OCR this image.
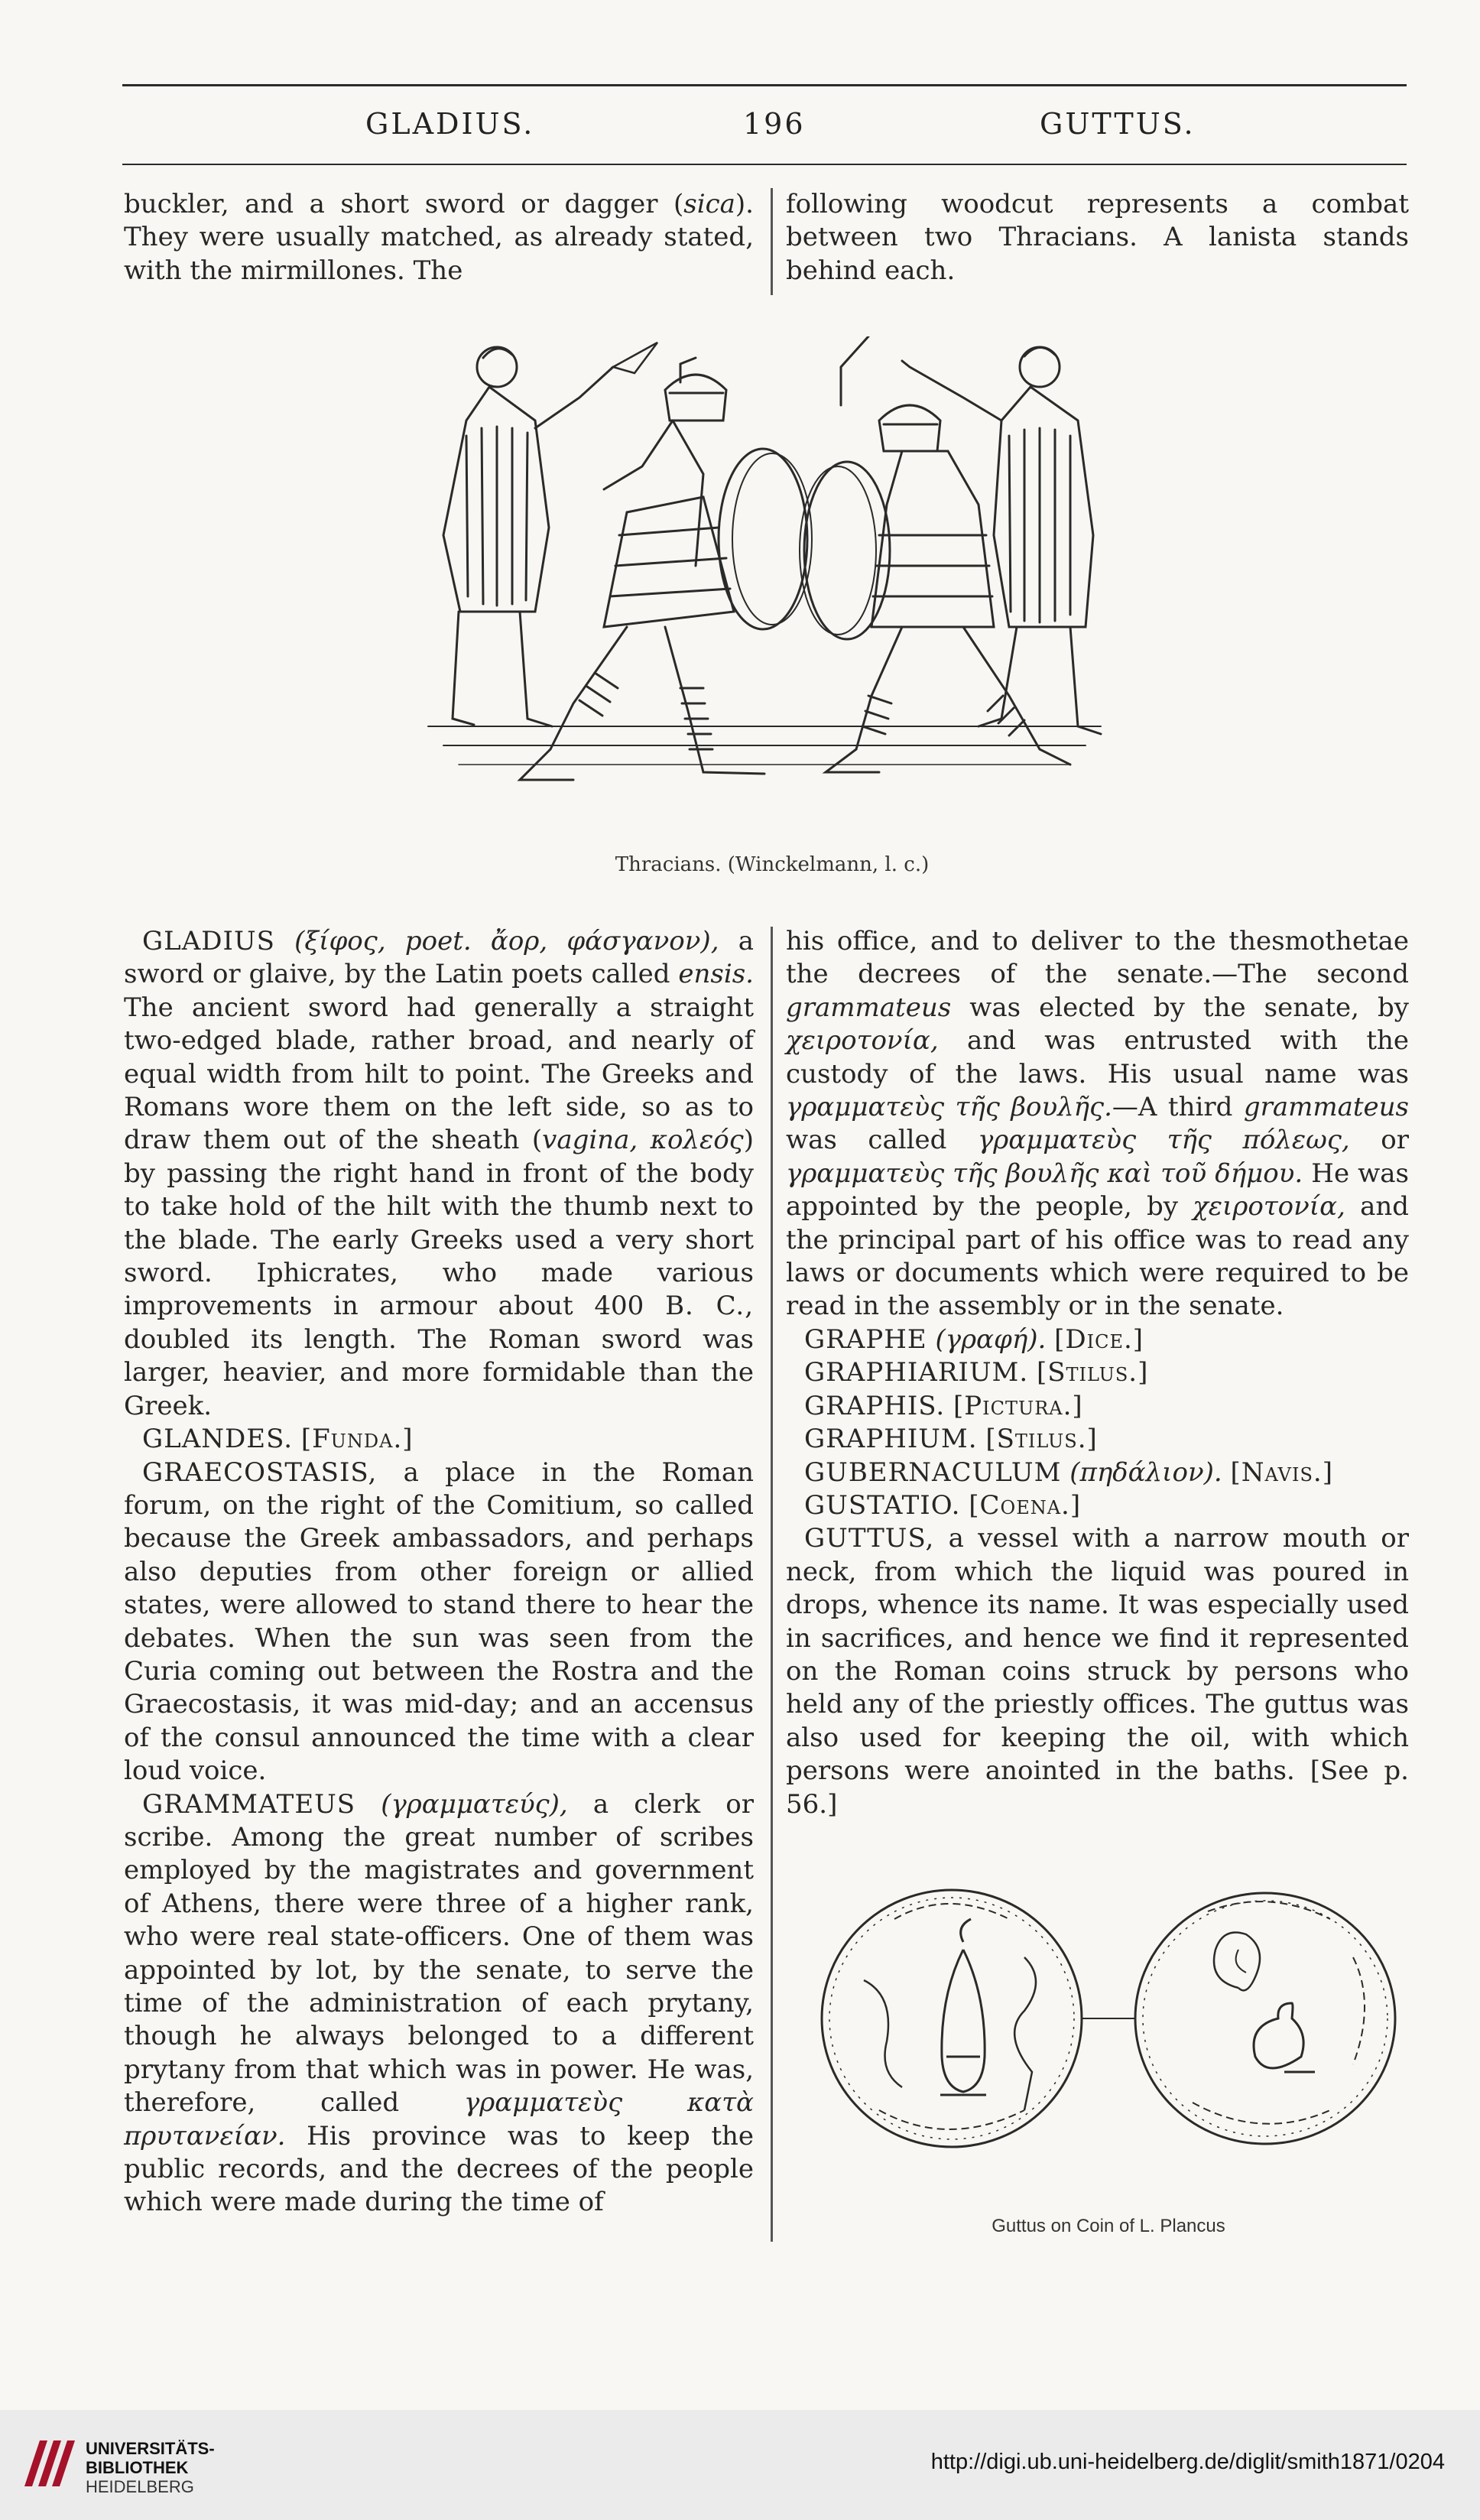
GLADIUS.	196	GUTTUS.

buckler, and a short sword or dagger (sica). They were usually matched, as already stated, with the mirmillones. The

following woodcut represents a combat between two Thracians. A lanista stands behind each.

Thracians. (Winckelmann, l. c.)

GLADIUS (ξίφος, poet. ἄορ, φάσγανον), a sword or glaive, by the Latin poets called ensis. The ancient sword had generally a straight two-edged blade, rather broad, and nearly of equal width from hilt to point. The Greeks and Romans wore them on the left side, so as to draw them out of the sheath (vagina, κολεός) by passing the right hand in front of the body to take hold of the hilt with the thumb next to the blade. The early Greeks used a very short sword. Iphicrates, who made various improvements in armour about 400 B. C., doubled its length. The Roman sword was larger, heavier, and more formidable than the Greek.

GLANDES. [Funda.]

GRAECOSTASIS, a place in the Roman forum, on the right of the Comitium, so called because the Greek ambassadors, and perhaps also deputies from other foreign or allied states, were allowed to stand there to hear the debates. When the sun was seen from the Curia coming out between the Rostra and the Graecostasis, it was mid-day; and an accensus of the consul announced the time with a clear loud voice.

GRAMMATEUS (γραμματεύς), a clerk or scribe. Among the great number of scribes employed by the magistrates and government of Athens, there were three of a higher rank, who were real state-officers. One of them was appointed by lot, by the senate, to serve the time of the administration of each prytany, though he always belonged to a different prytany from that which was in power. He was, therefore, called γραμματεὺς κατὰ πρυτανείαν. His province was to keep the public records, and the decrees of the people which were made during the time of

his office, and to deliver to the thesmothetae the decrees of the senate.—The second grammateus was elected by the senate, by χειροτονία, and was entrusted with the custody of the laws. His usual name was γραμματεὺς τῆς βουλῆς.—A third grammateus was called γραμματεὺς τῆς πόλεως, or γραμματεὺς τῆς βουλῆς καὶ τοῦ δήμου. He was appointed by the people, by χειροτονία, and the principal part of his office was to read any laws or documents which were required to be read in the assembly or in the senate.

GRAPHE (γραφή). [Dice.]

GRAPHIARIUM. [Stilus.]

GRAPHIS. [Pictura.]

GRAPHIUM. [Stilus.]

GUBERNACULUM (πηδάλιον). [Navis.]

GUSTATIO. [Coena.]

GUTTUS, a vessel with a narrow mouth or neck, from which the liquid was poured in drops, whence its name. It was especially used in sacrifices, and hence we find it represented on the Roman coins struck by persons who held any of the priestly offices. The guttus was also used for keeping the oil, with which persons were anointed in the baths. [See p. 56.]

Guttus on Coin of L. Plancus
UNIVERSITÄTS-
BIBLIOTHEK
HEIDELBERG
http://digi.ub.uni-heidelberg.de/diglit/smith1871/0204
